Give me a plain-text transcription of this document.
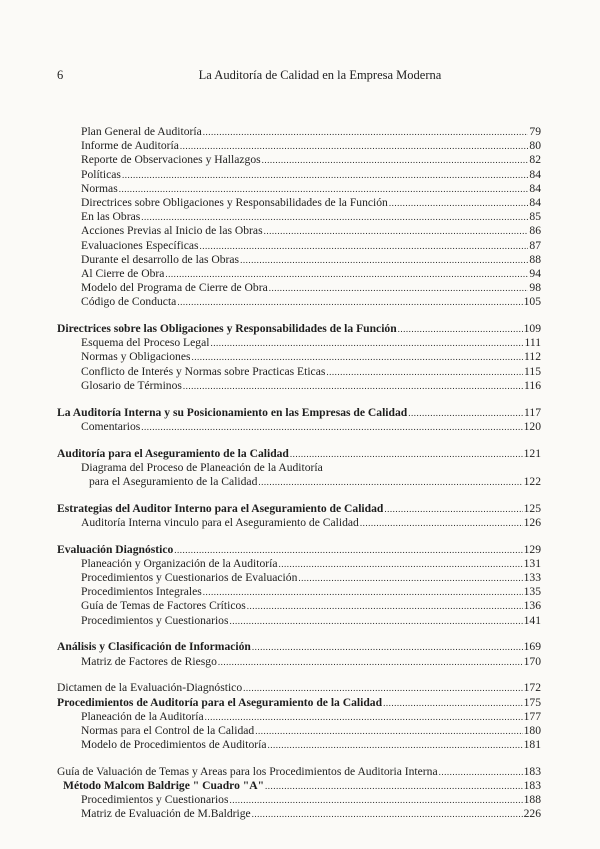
6	La Auditoría de Calidad en la Empresa Moderna
Plan General de Auditoría .....	79
Informe de Auditoría .....	80
Reporte de Observaciones y Hallazgos .....	82
Políticas .....	84
Normas .....	84
Directrices sobre Obligaciones y Responsabilidades de la Función .....	84
En las Obras .....	85
Acciones Previas al Inicio de las Obras .....	86
Evaluaciones Específicas .....	87
Durante el desarrollo de las Obras .....	88
Al Cierre de Obra .....	94
Modelo del Programa de Cierre de Obra .....	98
Código de Conducta .....	105
Directrices sobre las Obligaciones y Responsabilidades de la Función .....	109
Esquema del Proceso Legal .....	111
Normas y Obligaciones .....	112
Conflicto de Interés y Normas sobre Practicas Eticas .....	115
Glosario de Términos .....	116
La Auditoría Interna y su Posicionamiento en las Empresas de Calidad .....	117
Comentarios .....	120
Auditoría para el Aseguramiento de la Calidad .....	121
Diagrama del Proceso de Planeación de la Auditoría
para el Aseguramiento de la Calidad .....	122
Estrategias del Auditor Interno para el Aseguramiento de Calidad .....	125
Auditoría Interna vinculo para el Aseguramiento de Calidad .....	126
Evaluación Diagnóstico .....	129
Planeación y Organización de la Auditoría .....	131
Procedimientos y Cuestionarios de Evaluación .....	133
Procedimientos Integrales .....	135
Guía de Temas de Factores Críticos .....	136
Procedimientos y Cuestionarios .....	141
Análisis y Clasificación de Información .....	169
Matriz de Factores de Riesgo .....	170
Dictamen de la Evaluación-Diagnóstico .....	172
Procedimientos de Auditoría para el Aseguramiento de la Calidad .....	175
Planeación de la Auditoría .....	177
Normas para el Control de la Calidad .....	180
Modelo de Procedimientos de Auditoría .....	181
Guía de Valuación de Temas y Areas para los Procedimientos de Auditoria Interna .....	183
Método Malcom Baldrige " Cuadro "A" .....	183
Procedimientos y Cuestionarios .....	188
Matriz de Evaluación de M.Baldrige .....	226
